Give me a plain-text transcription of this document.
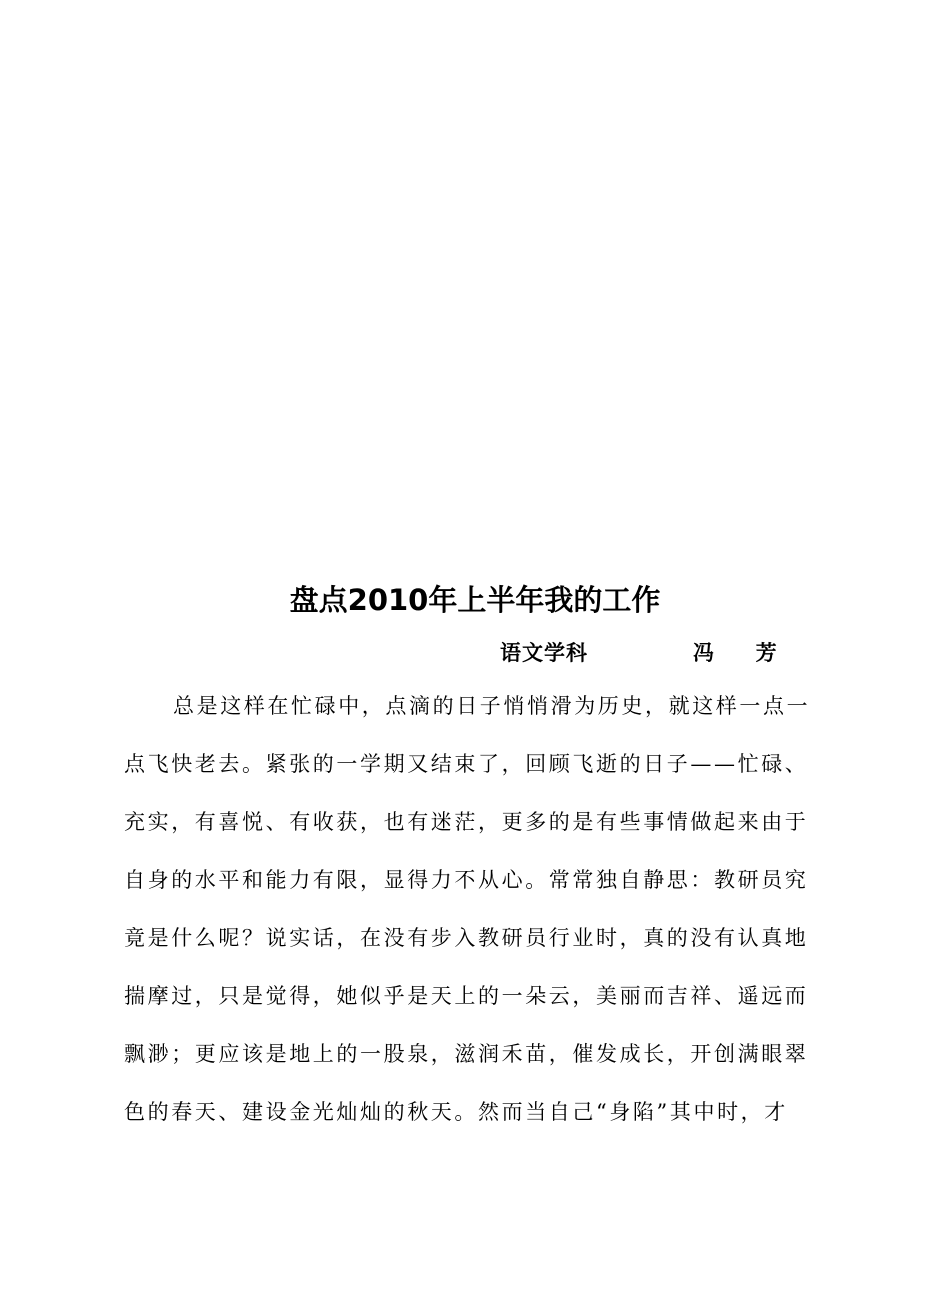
盘点2010年上半年我的工作
语文学科	冯  芳
总是这样在忙碌中，点滴的日子悄悄滑为历史，就这样一点一
点飞快老去。紧张的一学期又结束了，回顾飞逝的日子——忙碌、
充实，有喜悦、有收获，也有迷茫，更多的是有些事情做起来由于
自身的水平和能力有限，显得力不从心。常常独自静思：教研员究
竟是什么呢？说实话，在没有步入教研员行业时，真的没有认真地
揣摩过，只是觉得，她似乎是天上的一朵云，美丽而吉祥、遥远而
飘渺；更应该是地上的一股泉，滋润禾苗，催发成长，开创满眼翠
色的春天、建设金光灿灿的秋天。然而当自己“身陷”其中时，才
